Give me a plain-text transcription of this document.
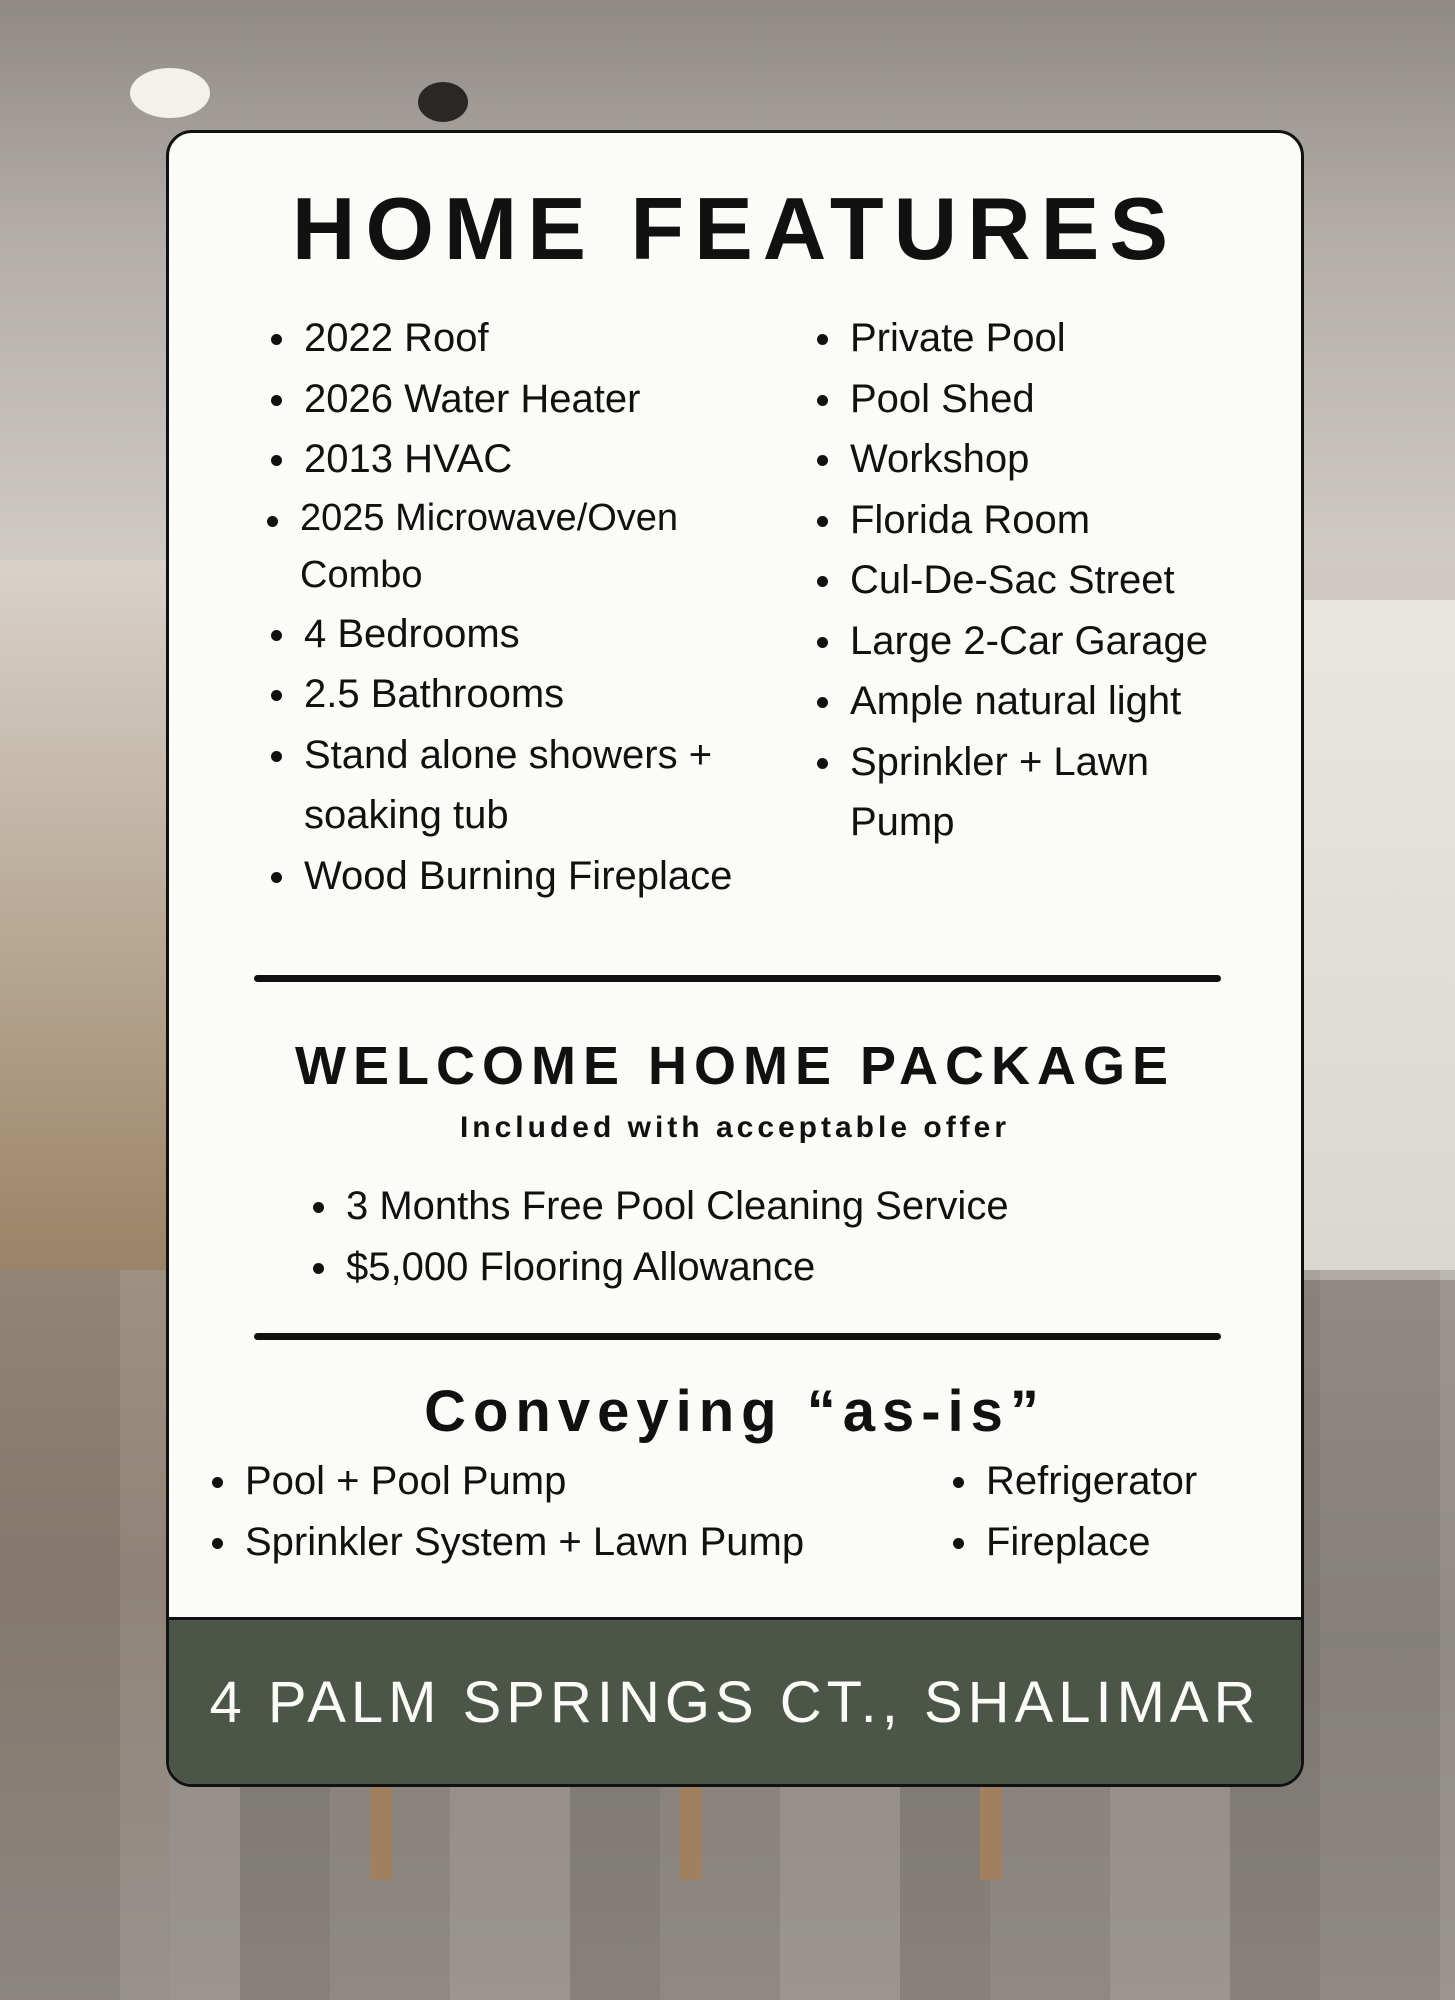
HOME FEATURES
2022 Roof
2026 Water Heater
2013 HVAC
2025 Microwave/Oven Combo
4 Bedrooms
2.5 Bathrooms
Stand alone showers + soaking tub
Wood Burning Fireplace
Private Pool
Pool Shed
Workshop
Florida Room
Cul-De-Sac Street
Large 2-Car Garage
Ample natural light
Sprinkler + Lawn Pump
WELCOME HOME PACKAGE
Included with acceptable offer
3 Months Free Pool Cleaning Service
$5,000 Flooring Allowance
Conveying “as-is”
Pool + Pool Pump
Sprinkler System + Lawn Pump
Refrigerator
Fireplace
4 PALM SPRINGS CT., SHALIMAR
